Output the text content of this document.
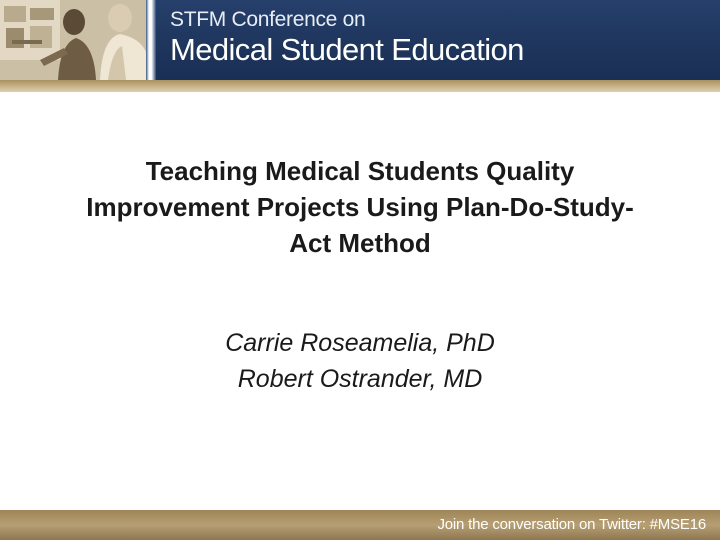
STFM Conference on
Medical Student Education
Teaching Medical Students Quality
Improvement Projects Using Plan-Do-Study-
Act Method
Carrie Roseamelia, PhD
Robert Ostrander, MD
Join the conversation on Twitter: #MSE16
